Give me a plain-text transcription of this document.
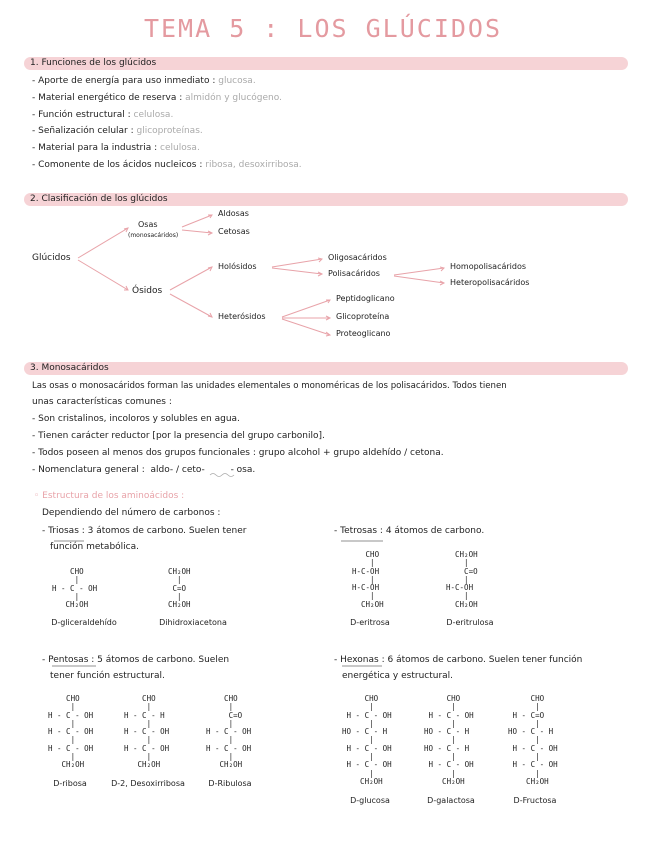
TEMA 5 : LOS GLÚCIDOS
1. Funciones de los glúcidos
- Aporte de energía para uso inmediato : glucosa.
- Material energético de reserva : almidón y glucógeno.
- Función estructural : celulosa.
- Señalización celular : glicoproteínas.
- Material para la industria : celulosa.
- Comonente de los ácidos nucleicos : ribosa, desoxirribosa.
2. Clasificación de los glúcidos
Glúcidos
Osas
(monosacáridos)
Aldosas
Cetosas
Ósidos
Holósidos
Oligosacáridos
Polisacáridos
Homopolisacáridos
Heteropolisacáridos
Heterósidos
Peptidoglicano
Glicoproteína
Proteoglicano
3. Monosacáridos
Las osas o monosacáridos forman las unidades elementales o monoméricas de los polisacáridos. Todos tienen
unas características comunes :
- Son cristalinos, incoloros y solubles en agua.
- Tienen carácter reductor [por la presencia del grupo carbonilo].
- Todos poseen al menos dos grupos funcionales : grupo alcohol + grupo aldehído / cetona.
- Nomenclatura general : aldo- / ceto-	- osa.
◦ Estructura de los aminoácidos :
Dependiendo del número de carbonos :
- Triosas : 3 átomos de carbono. Suelen tener
función metabólica.
- Tetrosas : 4 átomos de carbono.
CHO
|
H - C - OH
|
CH₂OH
D-gliceraldehído
CH₂OH
|
C=O
|
CH₂OH
Dihidroxiacetona
CHO
|
H-C-OH
|
H-C-OH
|
CH₂OH
D-eritrosa
CH₂OH
|
C=O
|
H-C-OH
|
CH₂OH
D-eritrulosa
- Pentosas : 5 átomos de carbono. Suelen
tener función estructural.
- Hexonas : 6 átomos de carbono. Suelen tener función
energética y estructural.
CHO
|
H - C - OH
|
H - C - OH
|
H - C - OH
|
CH₂OH
D-ribosa
CHO
|
H - C - H
|
H - C - OH
|
H - C - OH
|
CH₂OH
D-2, Desoxirribosa
CHO
|
C=O
|
H - C - OH
|
H - C - OH
|
CH₂OH
D-Ribulosa
CHO
|
H - C - OH
|
HO - C - H
|
H - C - OH
|
H - C - OH
|
CH₂OH
D-glucosa
CHO
|
H - C - OH
|
HO - C - H
|
HO - C - H
|
H - C - OH
|
CH₂OH
D-galactosa
CHO
|
H - C=O
|
HO - C - H
|
H - C - OH
|
H - C - OH
|
CH₂OH
D-Fructosa
